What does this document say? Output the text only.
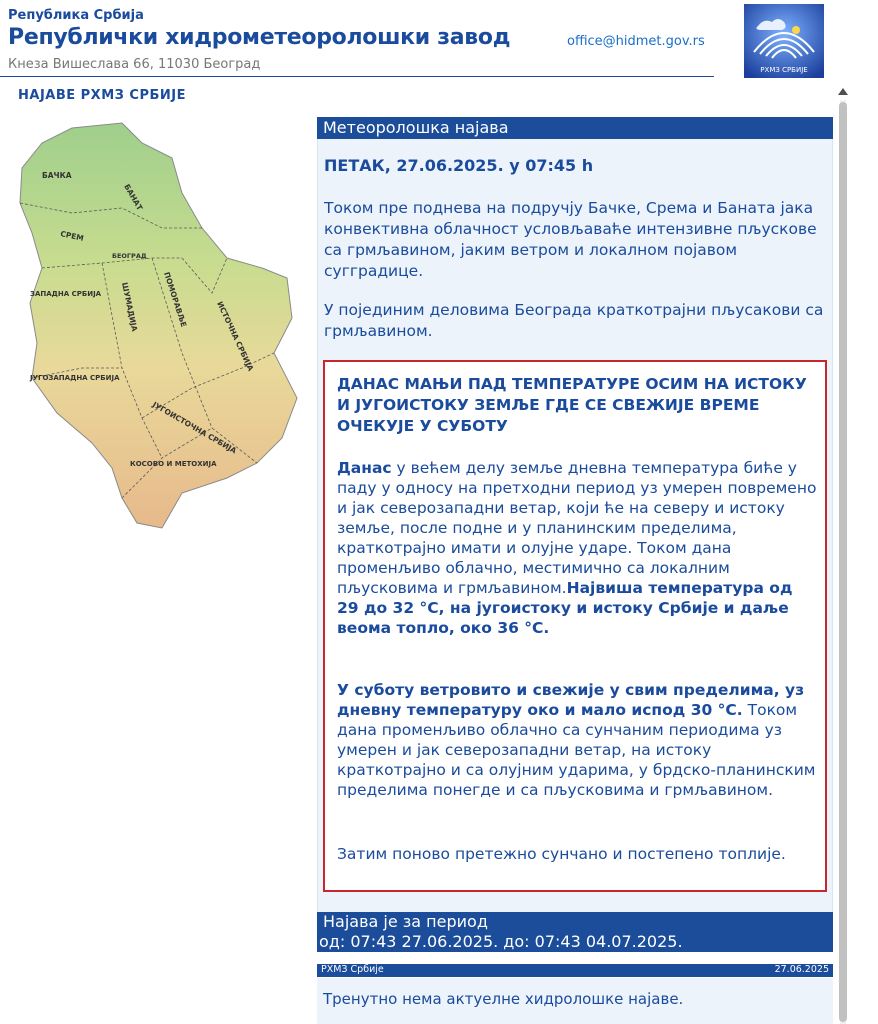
Република Србија
Републички хидрометеоролошки завод
Кнеза Вишеслава 66, 11030 Београд
office@hidmet.gov.rs
РХМЗ СРБИЈЕ
НАЈАВЕ РХМЗ СРБИЈЕ
БАЧКА
БАНАТ
СРЕМ
БЕОГРАД
ЗАПАДНА СРБИЈА	ШУМАДИЈА	ПОМОРАВЉЕ
ИСТОЧНА СРБИЈА
ЈУГОЗАПАДНА СРБИЈА
ЈУГОИСТОЧНА СРБИЈА
КОСОВО И МЕТОХИЈА
Метеоролошка најава
ПЕТАК, 27.06.2025. у 07:45 h
Током пре поднева на подручју Бачке, Срема и Баната јака конвективна облачност условљаваће интензивне пљускове са грмљавином, јаким ветром и локалном појавом сугградице.
У појединим деловима Београда краткотрајни пљусакови са грмљавином.
ДАНАС МАЊИ ПАД ТЕМПЕРАТУРЕ ОСИМ НА ИСТОКУ И ЈУГОИСТОКУ ЗЕМЉЕ ГДЕ СЕ СВЕЖИЈЕ ВРЕМЕ ОЧЕКУЈЕ У СУБОТУ
Данас у већем делу земље дневна температура биће у паду у односу на претходни период уз умерен повремено и јак северозападни ветар, који ће на северу и истоку земље, после подне и у планинским пределима, краткотрајно имати и олујне ударе. Током дана променљиво облачно, местимично са локалним пљусковима и грмљавином.Највиша температура од 29 до 32 °C, на југоистоку и истоку Србије и даље веома топло, око 36 °C.
У суботу ветровито и свежије у свим пределима, уз дневну температуру око и мало испод 30 °C. Током дана променљиво облачно са сунчаним периодима уз умерен и јак северозападни ветар, на истоку краткотрајно и са олујним ударима, у брдско-планинским пределима понегде и са пљусковима и грмљавином.
Затим поново претежно сунчано и постепено топлије.
Најава је за период
од: 07:43 27.06.2025. до: 07:43 04.07.2025.
РХМЗ Србије	27.06.2025
Тренутно нема актуелне хидролошке најаве.
